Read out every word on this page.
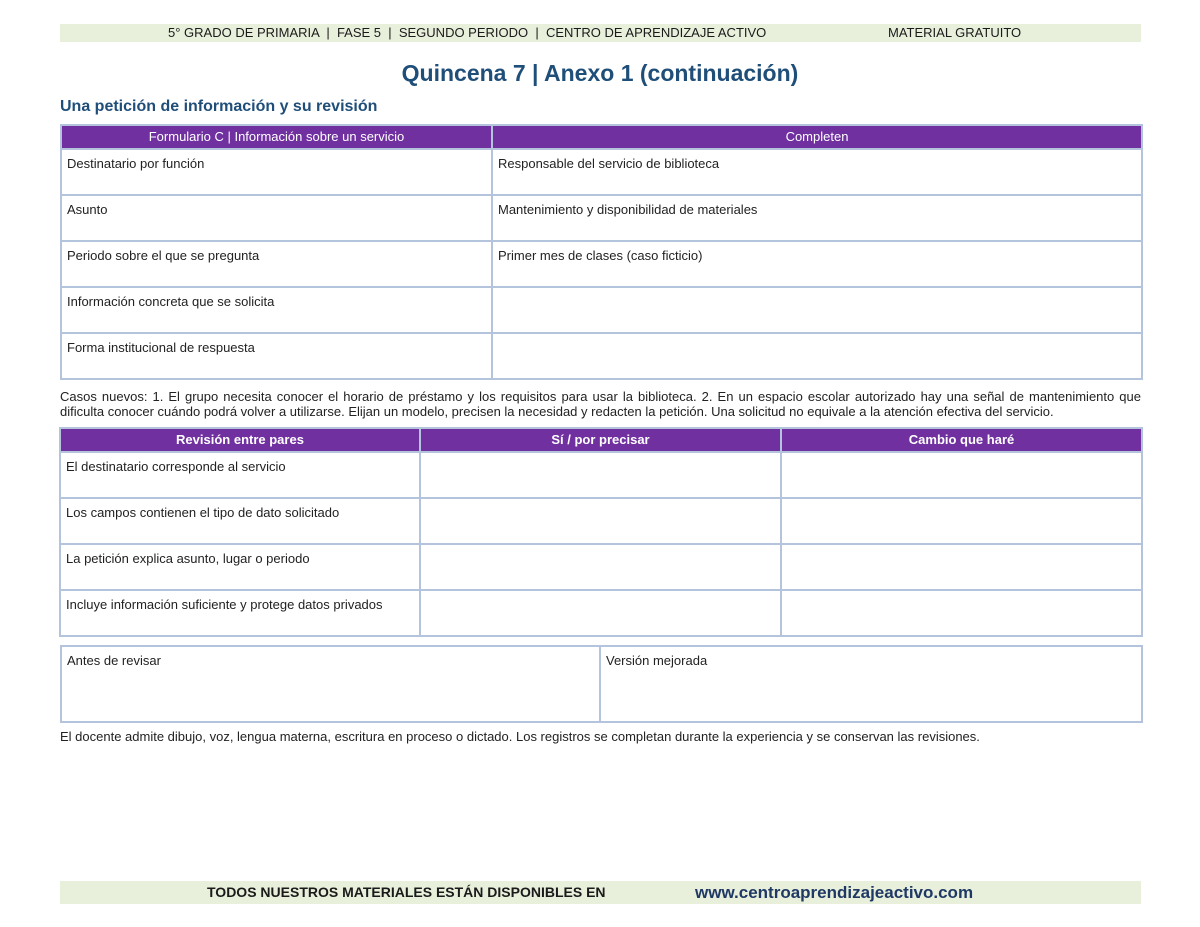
5° GRADO DE PRIMARIA  |  FASE 5  |  SEGUNDO PERIODO  |  CENTRO DE APRENDIZAJE ACTIVO	MATERIAL GRATUITO
Quincena 7 | Anexo 1 (continuación)
Una petición de información y su revisión
Formulario C | Información sobre un servicio	Completen

Destinatario por función	Responsable del servicio de biblioteca

Asunto	Mantenimiento y disponibilidad de materiales

Periodo sobre el que se pregunta	Primer mes de clases (caso ficticio)

Información concreta que se solicita	

Forma institucional de respuesta	

Casos nuevos: 1. El grupo necesita conocer el horario de préstamo y los requisitos para usar la biblioteca. 2. En un espacio escolar autorizado hay una señal de mantenimiento que dificulta conocer cuándo podrá volver a utilizarse. Elijan un modelo, precisen la necesidad y redacten la petición. Una solicitud no equivale a la atención efectiva del servicio.
Revisión entre pares	Sí / por precisar	Cambio que haré

El destinatario corresponde al servicio		

Los campos contienen el tipo de dato solicitado		

La petición explica asunto, lugar o periodo		

Incluye información suficiente y protege datos privados		

Antes de revisar	Versión mejorada
El docente admite dibujo, voz, lengua materna, escritura en proceso o dictado. Los registros se completan durante la experiencia y se conservan las revisiones.
TODOS NUESTROS MATERIALES ESTÁN DISPONIBLES EN	www.centroaprendizajeactivo.com
